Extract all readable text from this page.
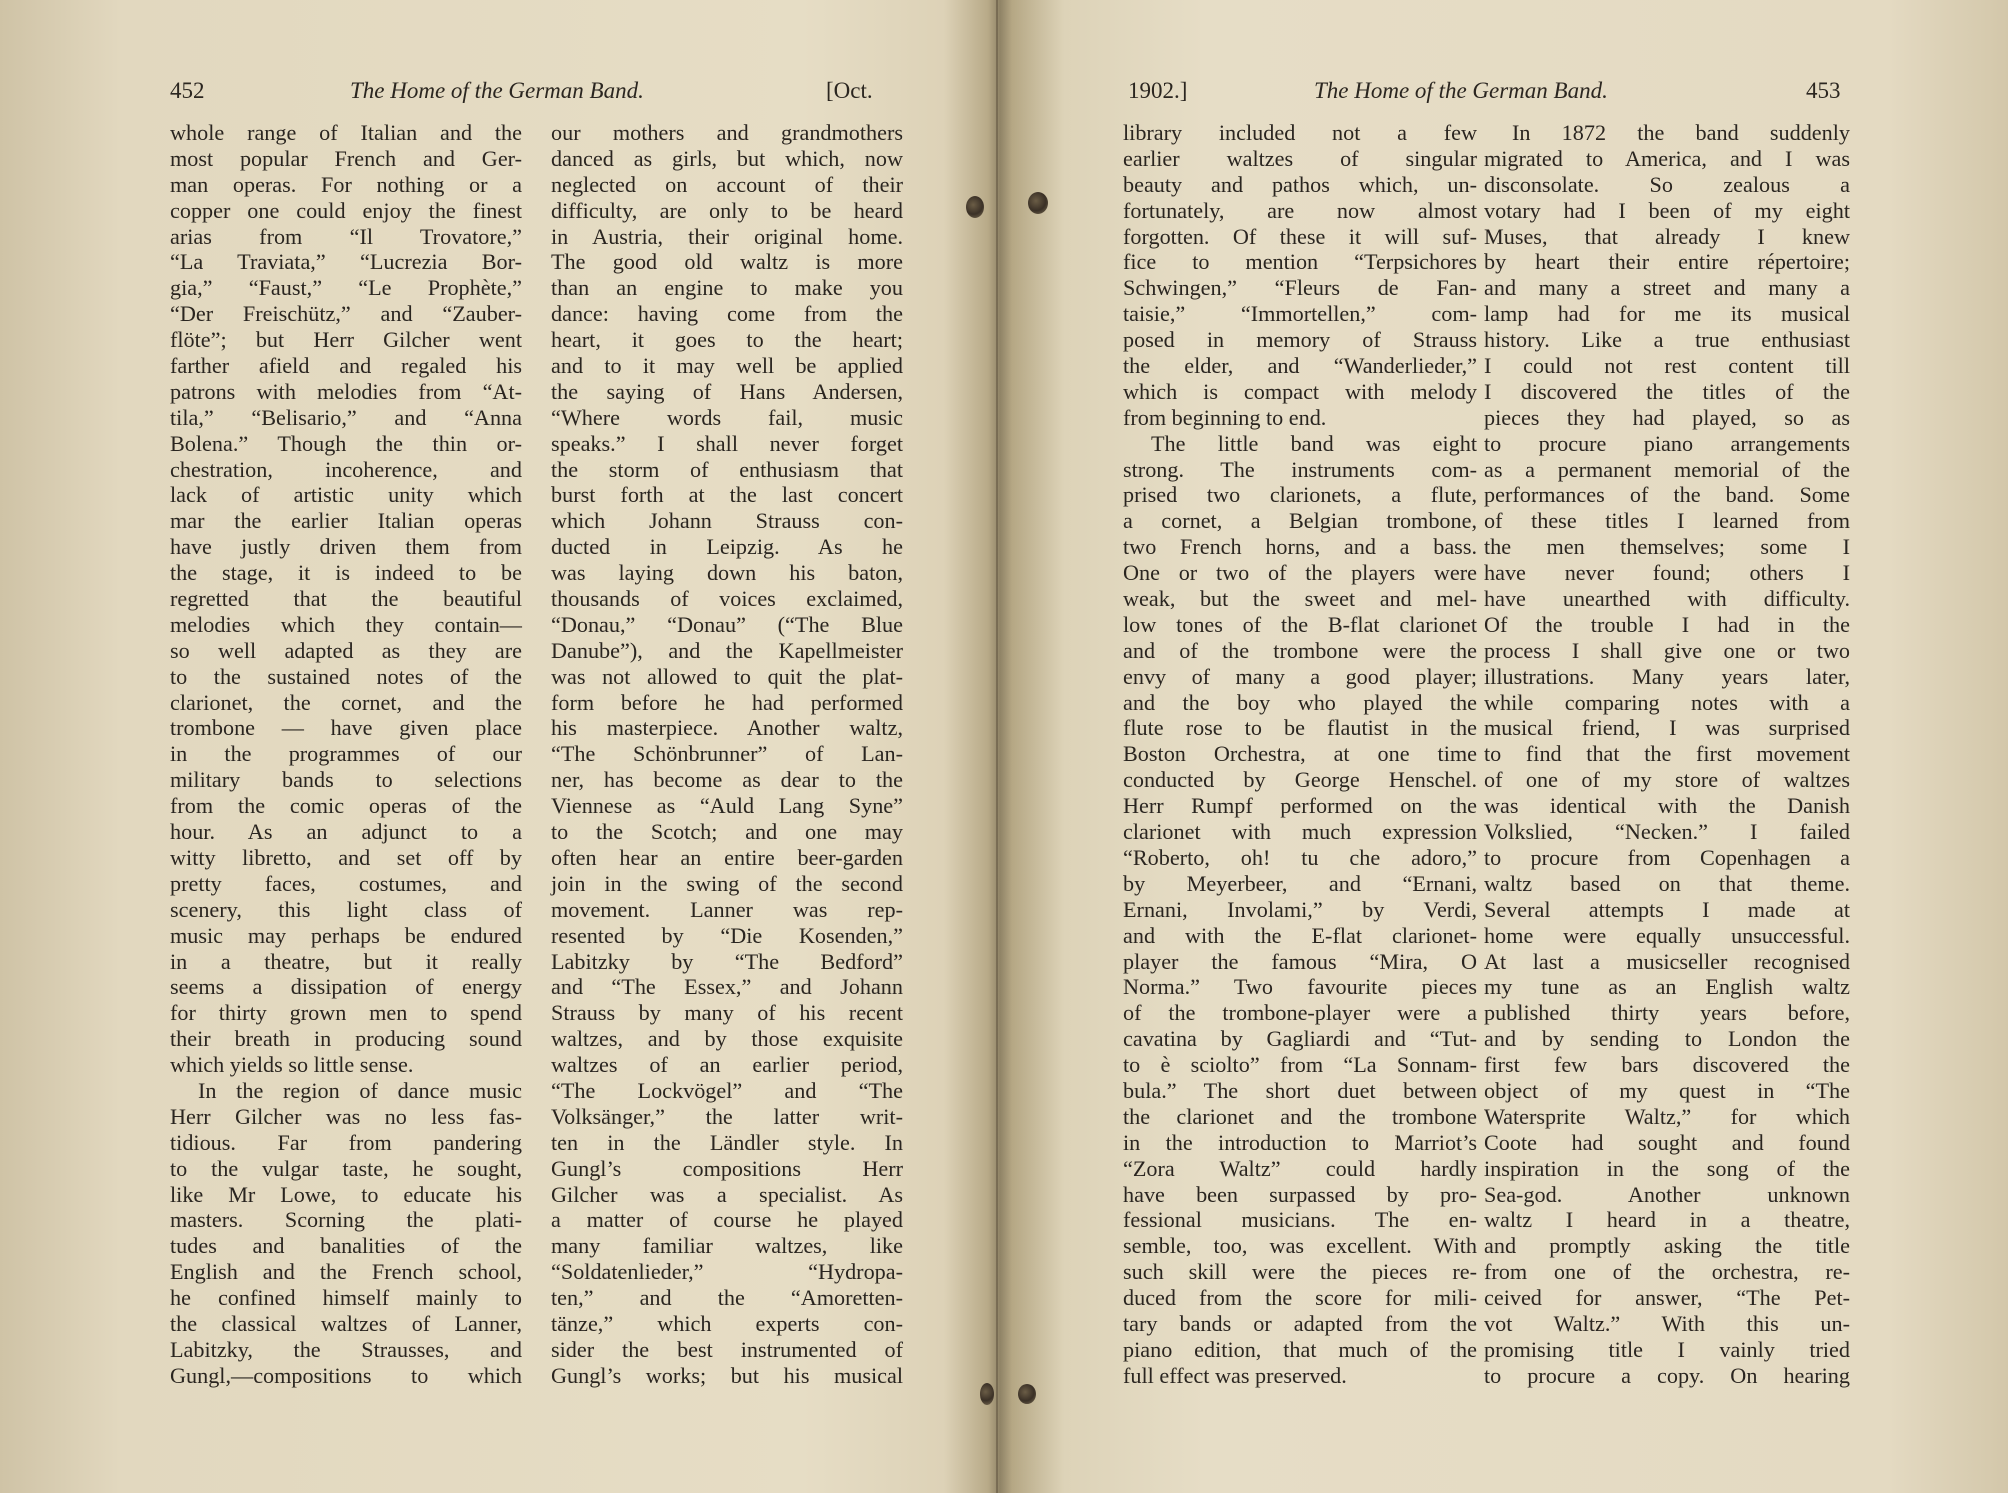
452	The Home of the German Band.	[Oct.
whole range of Italian and the
most popular French and Ger-
man operas. For nothing or a
copper one could enjoy the finest
arias from “Il Trovatore,”
“La Traviata,” “Lucrezia Bor-
gia,” “Faust,” “Le Prophète,”
“Der Freischütz,” and “Zauber-
flöte”; but Herr Gilcher went
farther afield and regaled his
patrons with melodies from “At-
tila,” “Belisario,” and “Anna
Bolena.” Though the thin or-
chestration, incoherence, and
lack of artistic unity which
mar the earlier Italian operas
have justly driven them from
the stage, it is indeed to be
regretted that the beautiful
melodies which they contain—
so well adapted as they are
to the sustained notes of the
clarionet, the cornet, and the
trombone — have given place
in the programmes of our
military bands to selections
from the comic operas of the
hour. As an adjunct to a
witty libretto, and set off by
pretty faces, costumes, and
scenery, this light class of
music may perhaps be endured
in a theatre, but it really
seems a dissipation of energy
for thirty grown men to spend
their breath in producing sound
which yields so little sense.
In the region of dance music
Herr Gilcher was no less fas-
tidious. Far from pandering
to the vulgar taste, he sought,
like Mr Lowe, to educate his
masters. Scorning the plati-
tudes and banalities of the
English and the French school,
he confined himself mainly to
the classical waltzes of Lanner,
Labitzky, the Strausses, and
Gungl,—compositions to which
our mothers and grandmothers
danced as girls, but which, now
neglected on account of their
difficulty, are only to be heard
in Austria, their original home.
The good old waltz is more
than an engine to make you
dance: having come from the
heart, it goes to the heart;
and to it may well be applied
the saying of Hans Andersen,
“Where words fail, music
speaks.” I shall never forget
the storm of enthusiasm that
burst forth at the last concert
which Johann Strauss con-
ducted in Leipzig. As he
was laying down his baton,
thousands of voices exclaimed,
“Donau,” “Donau” (“The Blue
Danube”), and the Kapellmeister
was not allowed to quit the plat-
form before he had performed
his masterpiece. Another waltz,
“The Schönbrunner” of Lan-
ner, has become as dear to the
Viennese as “Auld Lang Syne”
to the Scotch; and one may
often hear an entire beer-garden
join in the swing of the second
movement. Lanner was rep-
resented by “Die Kosenden,”
Labitzky by “The Bedford”
and “The Essex,” and Johann
Strauss by many of his recent
waltzes, and by those exquisite
waltzes of an earlier period,
“The Lockvögel” and “The
Volksänger,” the latter writ-
ten in the Ländler style. In
Gungl’s compositions Herr
Gilcher was a specialist. As
a matter of course he played
many familiar waltzes, like
“Soldatenlieder,” “Hydropa-
ten,” and the “Amoretten-
tänze,” which experts con-
sider the best instrumented of
Gungl’s works; but his musical
1902.]	The Home of the German Band.	453
library included not a few
earlier waltzes of singular
beauty and pathos which, un-
fortunately, are now almost
forgotten. Of these it will suf-
fice to mention “Terpsichores
Schwingen,” “Fleurs de Fan-
taisie,” “Immortellen,” com-
posed in memory of Strauss
the elder, and “Wanderlieder,”
which is compact with melody
from beginning to end.
The little band was eight
strong. The instruments com-
prised two clarionets, a flute,
a cornet, a Belgian trombone,
two French horns, and a bass.
One or two of the players were
weak, but the sweet and mel-
low tones of the B-flat clarionet
and of the trombone were the
envy of many a good player;
and the boy who played the
flute rose to be flautist in the
Boston Orchestra, at one time
conducted by George Henschel.
Herr Rumpf performed on the
clarionet with much expression
“Roberto, oh! tu che adoro,”
by Meyerbeer, and “Ernani,
Ernani, Involami,” by Verdi,
and with the E-flat clarionet-
player the famous “Mira, O
Norma.” Two favourite pieces
of the trombone-player were a
cavatina by Gagliardi and “Tut-
to è sciolto” from “La Sonnam-
bula.” The short duet between
the clarionet and the trombone
in the introduction to Marriot’s
“Zora Waltz” could hardly
have been surpassed by pro-
fessional musicians. The en-
semble, too, was excellent. With
such skill were the pieces re-
duced from the score for mili-
tary bands or adapted from the
piano edition, that much of the
full effect was preserved.
In 1872 the band suddenly
migrated to America, and I was
disconsolate. So zealous a
votary had I been of my eight
Muses, that already I knew
by heart their entire répertoire;
and many a street and many a
lamp had for me its musical
history. Like a true enthusiast
I could not rest content till
I discovered the titles of the
pieces they had played, so as
to procure piano arrangements
as a permanent memorial of the
performances of the band. Some
of these titles I learned from
the men themselves; some I
have never found; others I
have unearthed with difficulty.
Of the trouble I had in the
process I shall give one or two
illustrations. Many years later,
while comparing notes with a
musical friend, I was surprised
to find that the first movement
of one of my store of waltzes
was identical with the Danish
Volkslied, “Necken.” I failed
to procure from Copenhagen a
waltz based on that theme.
Several attempts I made at
home were equally unsuccessful.
At last a musicseller recognised
my tune as an English waltz
published thirty years before,
and by sending to London the
first few bars discovered the
object of my quest in “The
Watersprite Waltz,” for which
Coote had sought and found
inspiration in the song of the
Sea-god. Another unknown
waltz I heard in a theatre,
and promptly asking the title
from one of the orchestra, re-
ceived for answer, “The Pet-
vot Waltz.” With this un-
promising title I vainly tried
to procure a copy. On hearing
